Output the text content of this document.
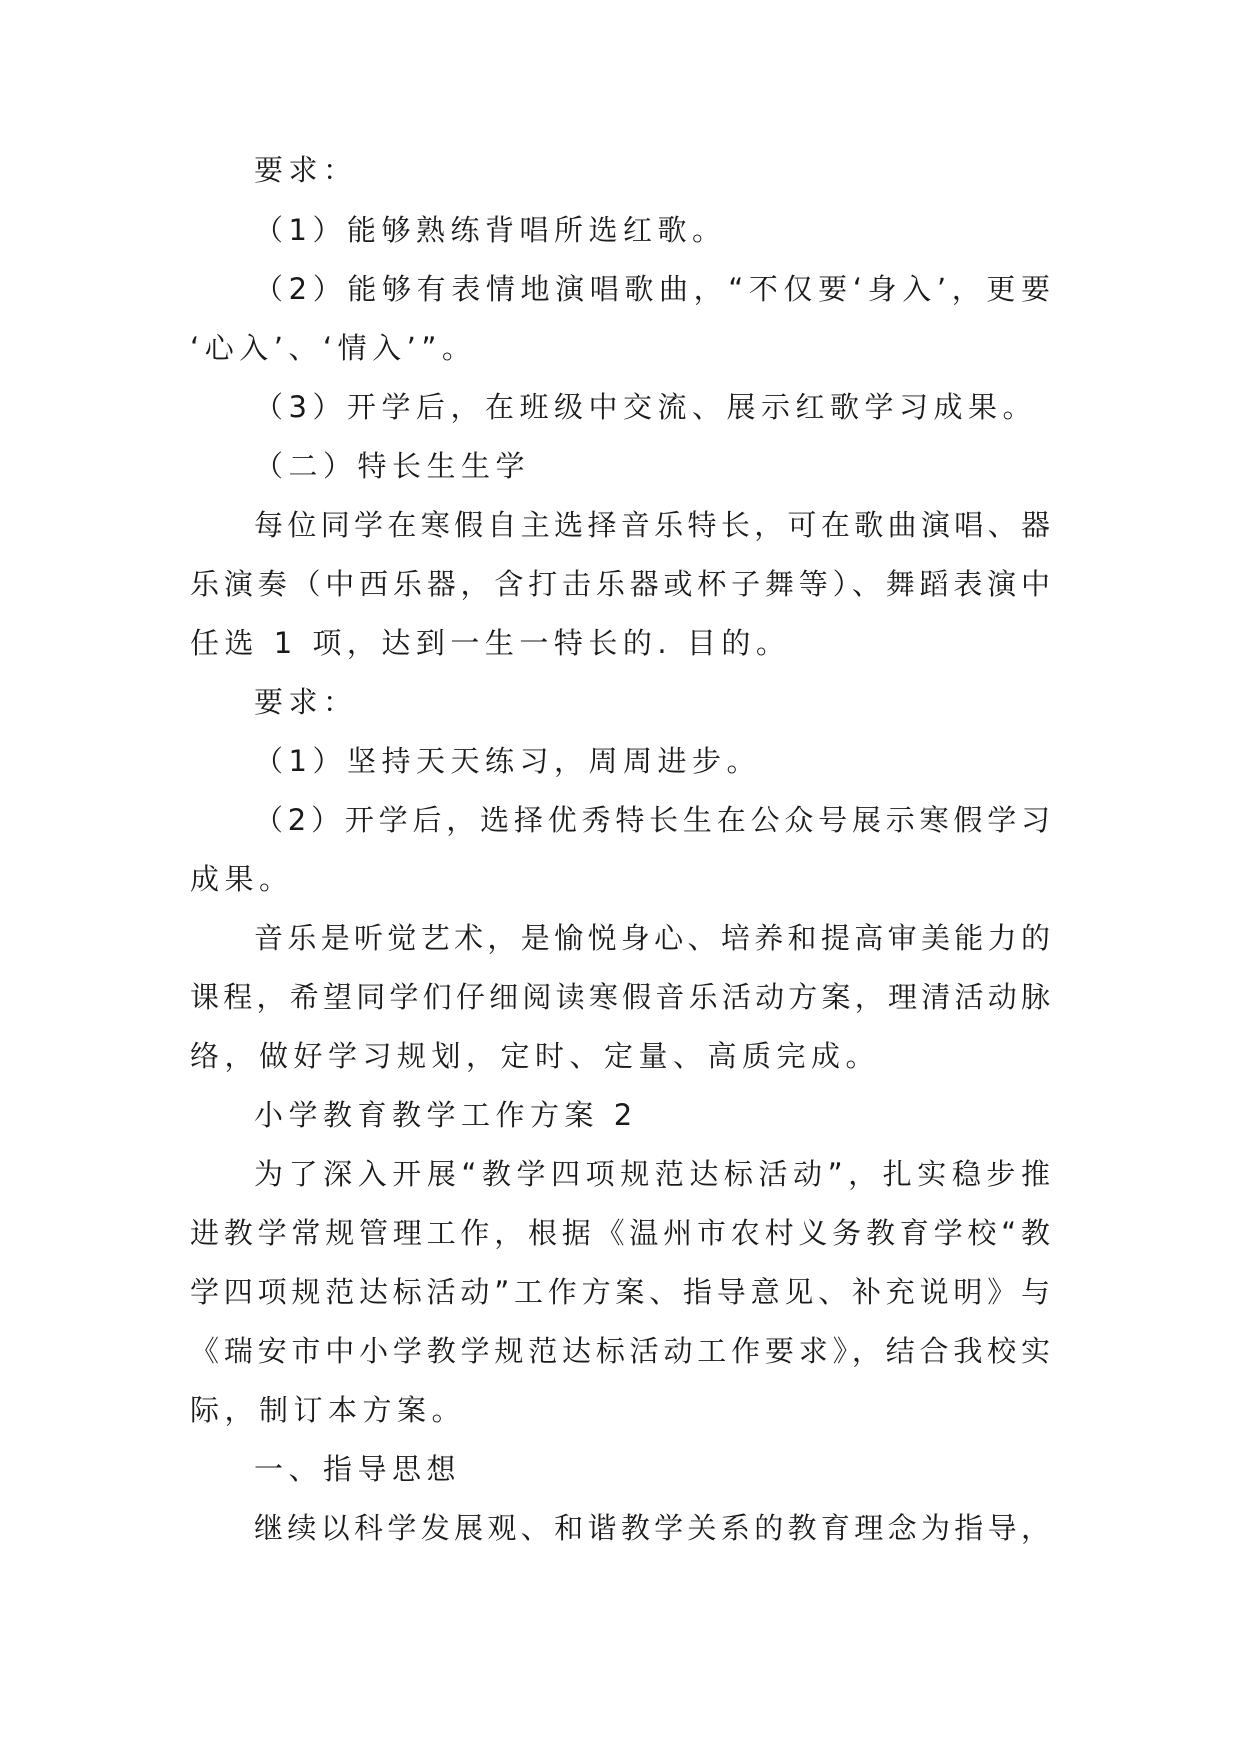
要求：
（1）能够熟练背唱所选红歌。
（2）能够有表情地演唱歌曲，“不仅要‘身入’，更要
‘心入’、‘情入’”。
（3）开学后，在班级中交流、展示红歌学习成果。
（二）特长生生学
每位同学在寒假自主选择音乐特长，可在歌曲演唱、器
乐演奏（中西乐器，含打击乐器或杯子舞等）、舞蹈表演中
任选 1 项，达到一生一特长的. 目的。
要求：
（1）坚持天天练习，周周进步。
（2）开学后，选择优秀特长生在公众号展示寒假学习
成果。
音乐是听觉艺术，是愉悦身心、培养和提高审美能力的
课程，希望同学们仔细阅读寒假音乐活动方案，理清活动脉
络，做好学习规划，定时、定量、高质完成。
小学教育教学工作方案 2
为了深入开展“教学四项规范达标活动”，扎实稳步推
进教学常规管理工作，根据《温州市农村义务教育学校“教
学四项规范达标活动”工作方案、指导意见、补充说明》与
《瑞安市中小学教学规范达标活动工作要求》，结合我校实
际，制订本方案。
一、指导思想
继续以科学发展观、和谐教学关系的教育理念为指导，
